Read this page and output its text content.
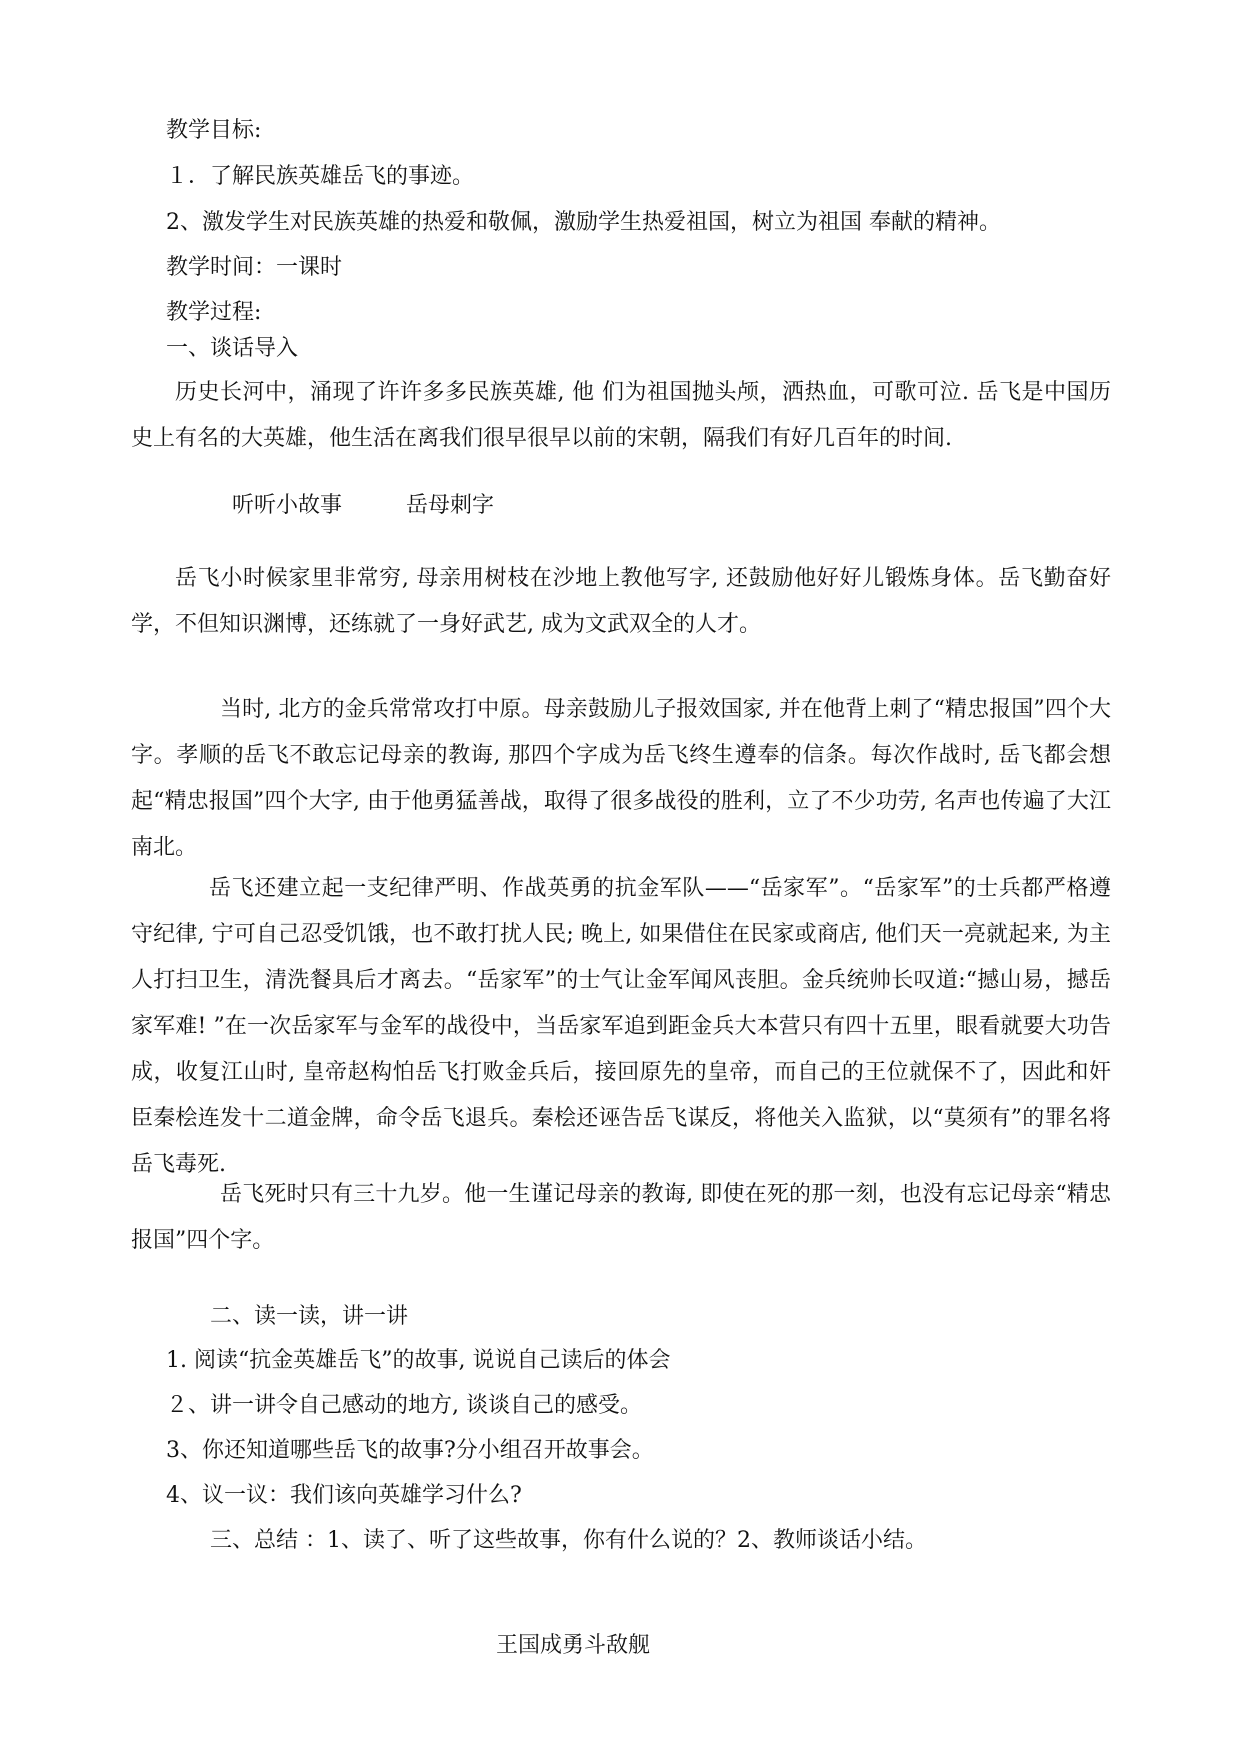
教学目标:

１．了解民族英雄岳飞的事迹。

2、激发学生对民族英雄的热爱和敬佩，激励学生热爱祖国，树立为祖国 奉献的精神。

教学时间：一课时

教学过程:

一、谈话导入

历史长河中，涌现了许许多多民族英雄, 他 们为祖国抛头颅，洒热血，可歌可泣. 岳飞是中国历史上有名的大英雄，他生活在离我们很早很早以前的宋朝，隔我们有好几百年的时间.

听听小故事	岳母刺字

岳飞小时候家里非常穷, 母亲用树枝在沙地上教他写字, 还鼓励他好好儿锻炼身体。岳飞勤奋好学，不但知识渊博，还练就了一身好武艺, 成为文武双全的人才。
当时, 北方的金兵常常攻打中原。母亲鼓励儿子报效国家, 并在他背上刺了“精忠报国”四个大字。孝顺的岳飞不敢忘记母亲的教诲, 那四个字成为岳飞终生遵奉的信条。每次作战时, 岳飞都会想起“精忠报国”四个大字, 由于他勇猛善战，取得了很多战役的胜利，立了不少功劳, 名声也传遍了大江南北。
岳飞还建立起一支纪律严明、作战英勇的抗金军队——“岳家军”。“岳家军”的士兵都严格遵守纪律, 宁可自己忍受饥饿，也不敢打扰人民; 晚上, 如果借住在民家或商店, 他们天一亮就起来, 为主人打扫卫生，清洗餐具后才离去。“岳家军”的士气让金军闻风丧胆。金兵统帅长叹道:“撼山易，撼岳家军难! ”在一次岳家军与金军的战役中，当岳家军追到距金兵大本营只有四十五里，眼看就要大功告成，收复江山时, 皇帝赵构怕岳飞打败金兵后，接回原先的皇帝，而自己的王位就保不了，因此和奸臣秦桧连发十二道金牌，命令岳飞退兵。秦桧还诬告岳飞谋反，将他关入监狱，以“莫须有”的罪名将岳飞毒死.
岳飞死时只有三十九岁。他一生谨记母亲的教诲, 即使在死的那一刻，也没有忘记母亲“精忠报国”四个字。

二、读一读，讲一讲

1. 阅读“抗金英雄岳飞”的故事, 说说自己读后的体会

２、讲一讲令自己感动的地方, 谈谈自己的感受。

3、你还知道哪些岳飞的故事?分小组召开故事会。

4、议一议：我们该向英雄学习什么?

三、总结 ：1、读了、听了这些故事，你有什么说的？2、教师谈话小结。

王国成勇斗敌舰
